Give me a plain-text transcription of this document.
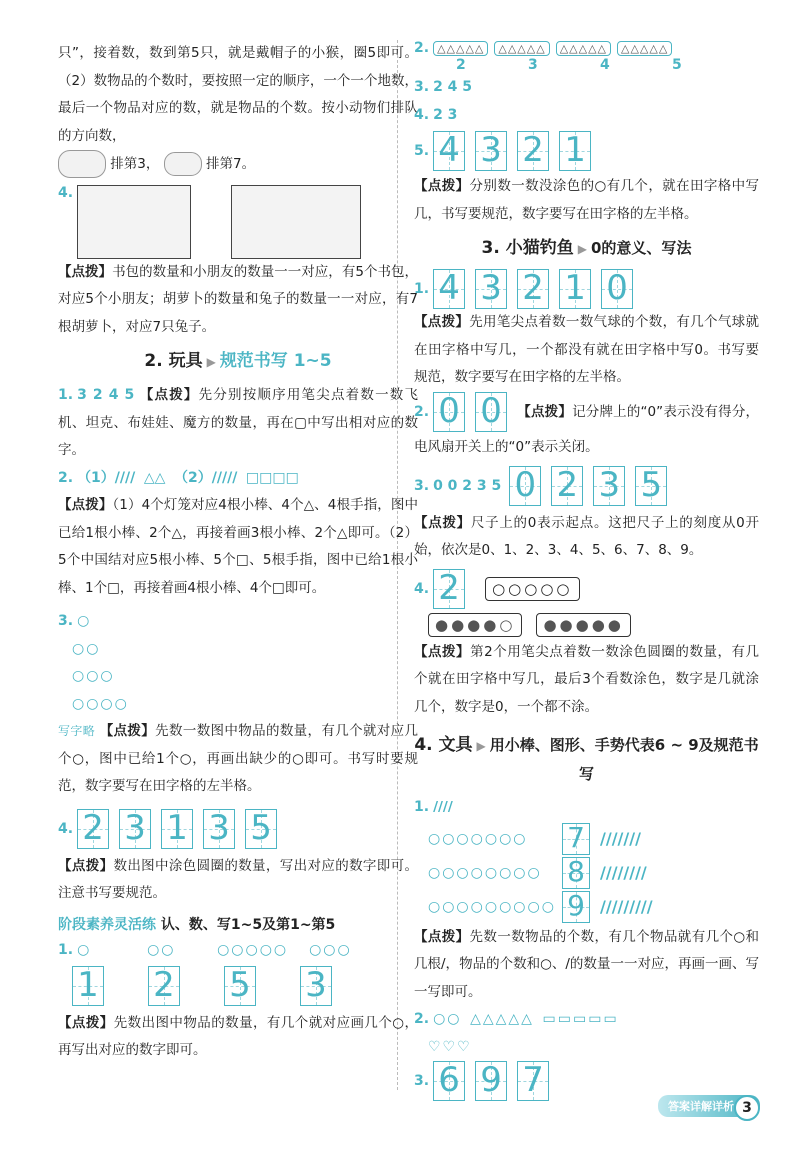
只”，接着数，数到第5只，就是戴帽子的小猴，圈5即可。（2）数物品的个数时，要按照一定的顺序，一个一个地数，最后一个物品对应的数，就是物品的个数。按小动物们排队的方向数，
排第3，	排第7。

4.

【点拨】书包的数量和小朋友的数量一一对应，有5个书包，对应5个小朋友；胡萝卜的数量和兔子的数量一一对应，有7根胡萝卜，对应7只兔子。

2. 玩具 ▶ 规范书写 1~5

1. 3 2 4 5 【点拨】先分别按顺序用笔尖点着数一数飞机、坦克、布娃娃、魔方的数量，再在▢中写出相对应的数字。

2. （1）//// △△ （2）///// □□□□

【点拨】（1）4个灯笼对应4根小棒、4个△、4根手指，图中已给1根小棒、2个△，再接着画3根小棒、2个△即可。（2）5个中国结对应5根小棒、5个□、5根手指，图中已给1根小棒、1个□，再接着画4根小棒、4个□即可。

3. ○
○○
○○○
○○○○

写字略 【点拨】先数一数图中物品的数量，有几个就对应几个○，图中已给1个○，再画出缺少的○即可。书写时要规范，数字要写在田字格的左半格。

4. 2 3 1 3 5

【点拨】数出图中涂色圆圈的数量，写出对应的数字即可。注意书写要规范。

阶段素养灵活练 认、数、写1~5及第1~第5
1. ○	○○	○○○○○	○○○
1 2 5 3

【点拨】先数出图中物品的数量，有几个就对应画几个○，再写出对应的数字即可。

2. △△△△△	△△△△△	△△△△△	△△△△△
2	3	4	5

3. 2 4 5

4. 2 3

5. 4 3 2 1

【点拨】分别数一数没涂色的○有几个，就在田字格中写几，书写要规范，数字要写在田字格的左半格。

3. 小猫钓鱼 ▶ 0的意义、写法
1. 4 3 2 1 0

【点拨】先用笔尖点着数一数气球的个数，有几个气球就在田字格中写几，一个都没有就在田字格中写0。书写要规范，数字要写在田字格的左半格。

2. 0 0	【点拨】记分牌上的“0”表示没有得分，电风扇开关上的“0”表示关闭。

3. 0 0 2 3 5 0 2 3 5

【点拨】尺子上的0表示起点。这把尺子上的刻度从0开始，依次是0、1、2、3、4、5、6、7、8、9。

4. 2	○○○○○
●●●●○	●●●●●

【点拨】第2个用笔尖点着数一数涂色圆圈的数量，有几个就在田字格中写几，最后3个看数涂色，数字是几就涂几个，数字是0，一个都不涂。

4. 文具 ▶ 用小棒、图形、手势代表6 ~ 9及规范书写

1. ////

○○○○○○○	7 ///////
○○○○○○○○ 8 ////////
○○○○○○○○○ 9 /////////

【点拨】先数一数物品的个数，有几个物品就有几个○和几根/，物品的个数和○、/的数量一一对应，再画一画、写一写即可。

2. ○○ △△△△△ ▭▭▭▭▭
♡♡♡

3. 6 9 7
答案详解详析 3
